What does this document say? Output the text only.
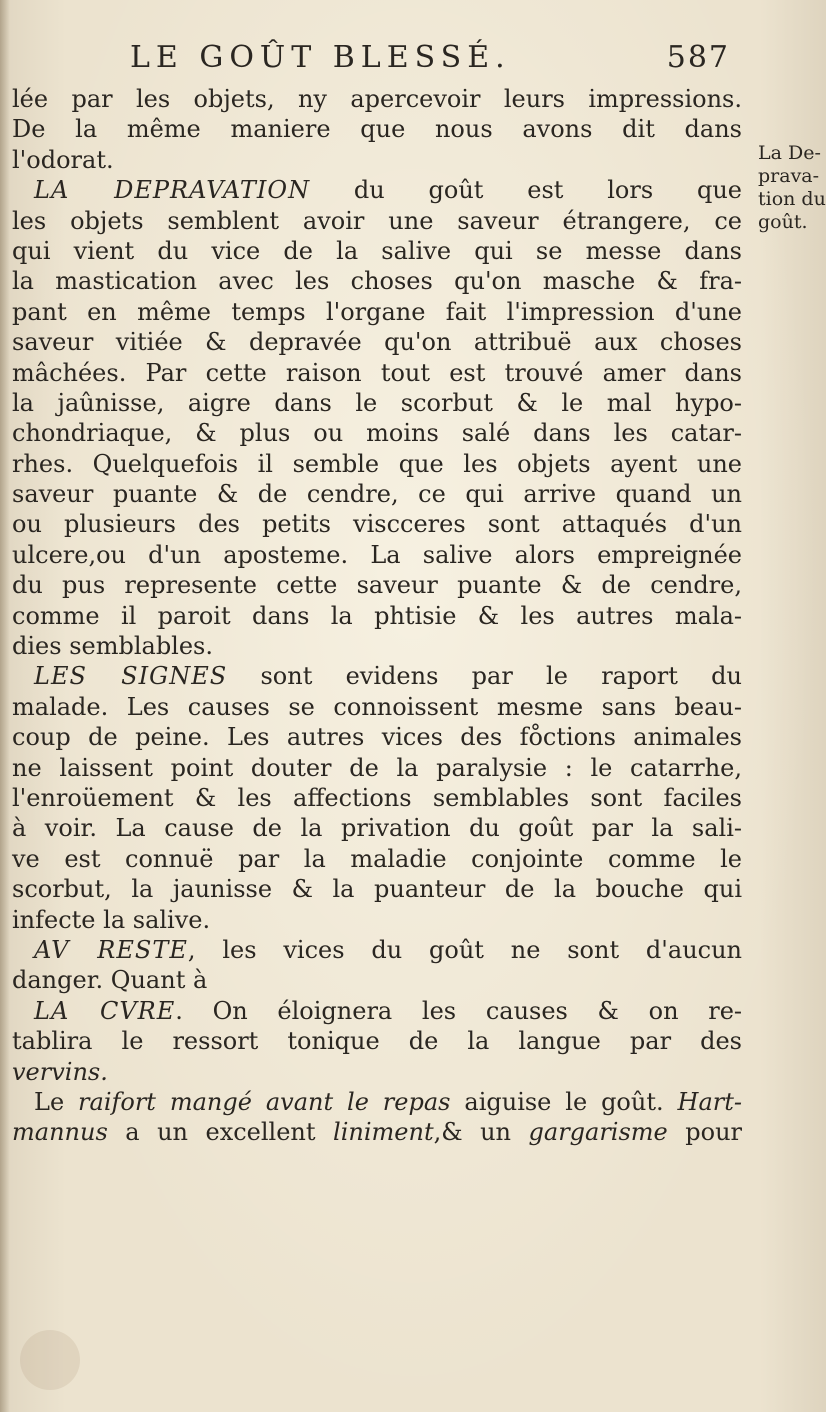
LE GOÛT BLESSÉ.	587
La De-
prava-
tion du
goût.
lée par les objets, ny apercevoir leurs impressions.
De la même maniere que nous avons dit dans
l'odorat.
LA DEPRAVATION du goût est lors que
les objets semblent avoir une saveur étrangere, ce
qui vient du vice de la salive qui se messe dans
la mastication avec les choses qu'on masche & fra-
pant en même temps l'organe fait l'impression d'une
saveur vitiée & depravée qu'on attribuë aux choses
mâchées. Par cette raison tout est trouvé amer dans
la jaûnisse, aigre dans le scorbut & le mal hypo-
chondriaque, & plus ou moins salé dans les catar-
rhes. Quelquefois il semble que les objets ayent une
saveur puante & de cendre, ce qui arrive quand un
ou plusieurs des petits viscceres sont attaqués d'un
ulcere,ou d'un aposteme. La salive alors empreignée
du pus represente cette saveur puante & de cendre,
comme il paroit dans la phtisie & les autres mala-
dies semblables.
LES SIGNES sont evidens par le raport du
malade. Les causes se connoissent mesme sans beau-
coup de peine. Les autres vices des fo̊ctions animales
ne laissent point douter de la paralysie : le catarrhe,
l'enroüement & les affections semblables sont faciles
à voir. La cause de la privation du goût par la sali-
ve est connuë par la maladie conjointe comme le
scorbut, la jaunisse & la puanteur de la bouche qui
infecte la salive.
AV RESTE, les vices du goût ne sont d'aucun
danger. Quant à
LA CVRE. On éloignera les causes & on re-
tablira le ressort tonique de la langue par des
vervins.
Le raifort mangé avant le repas aiguise le goût. Hart-
mannus a un excellent liniment,& un gargarisme pour
